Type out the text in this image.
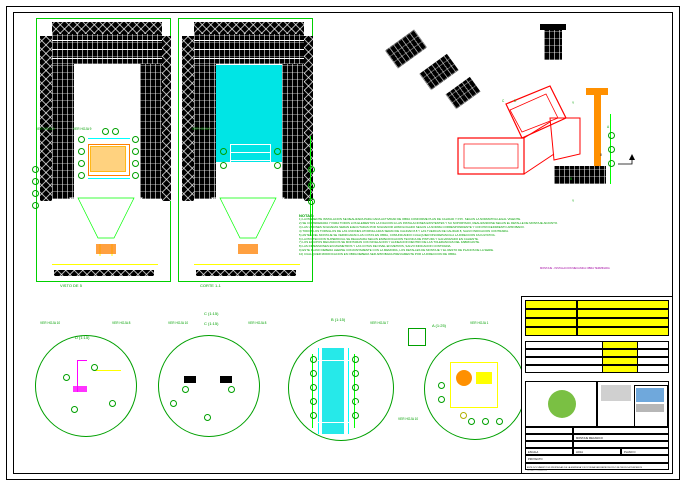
VER HOJA 3	VER HOJA 9
VISTO DE 5
VER HOJA 8
CORTE 1-1
C	D
B
A
Y
Y
X
NOTAS:
1) LA PRESENTE INSTALACION SE REALIZARA PARA CADA ACTIVIDAD DE OBRA CONFORME PLAN DE CALIDAD Y P.P.I. SEGUN LA NORMATIVA LEGAL VIGENTE.
2) SE CONSIDERARA Y PARA TODOS LOS ELEMENTOS LA FIJACION A LAS INSTALACIONES EXISTENTES Y SU SOPORTADO, REALIZANDOSE SEGUN EL DETALLE DE MONTAJE ADJUNTO.
3) LAS UNIONES SOLDADAS SERAN EJECUTADAS POR SOLDADOR HOMOLOGADO SEGUN LA NORMA CORRESPONDIENTE Y CON PROCEDIMIENTO APROBADO.
4) TODOS LOS TORNILLOS DE LAS UNIONES ATORNILLADAS SERAN DE CALIDAD 8.8 Y LAS TUERCAS DE CALIDAD 8, SALVO INDICACION CONTRARIA.
5) ANTES DEL MONTAJE SE VERIFICARAN LAS COTAS EN OBRA, COMUNICANDO CUALQUIER DISCREPANCIA A LA DIRECCION FACULTATIVA.
6) LA PROTECCION SUPERFICIAL SE REALIZARA SEGUN ESPECIFICACION TECNICA DE PINTURA Y GALVANIZADO EN CALIENTE.
7) LOS EQUIPOS MECANICOS SE MONTARAN CON NIVELACION Y ALINEACION DENTRO DE LAS TOLERANCIAS DEL FABRICANTE.
8) LAS DIMENSIONES EN MILIMETROS Y LAS COTAS DE NIVEL EN METROS, SALVO INDICACION CONTRARIA.
9) ESTE PLANO DEBERA LEERSE CONJUNTAMENTE CON LA MEMORIA, LOS DETALLES DE MONTAJE Y EL RESTO DE PLANOS DE LA SERIE.
10) CUALQUIER MODIFICACION EN OBRA DEBERA SER APROBADA PREVIAMENTE POR LA DIRECCION DE OBRA.
MONTAJE - INSTALACION MECANICA OBRA TERMINADA
VER HOJA 10	VER HOJA 8
D (1:15)
VER HOJA 10	VER HOJA 8
C (1:15)
C (1:15)
B (1:15)
VER HOJA 7
VER HOJA 10
A (1:25)	VER HOJA 1
MONTAJE MECANICO
ESCALA	HOJA	PLANO N
PROYECTO
ESTE DOCUMENTO ES PROPIEDAD DE LA EMPRESA Y NO PODRA SER REPRODUCIDO NI CEDIDO A TERCEROS SIN AUTORIZACION
